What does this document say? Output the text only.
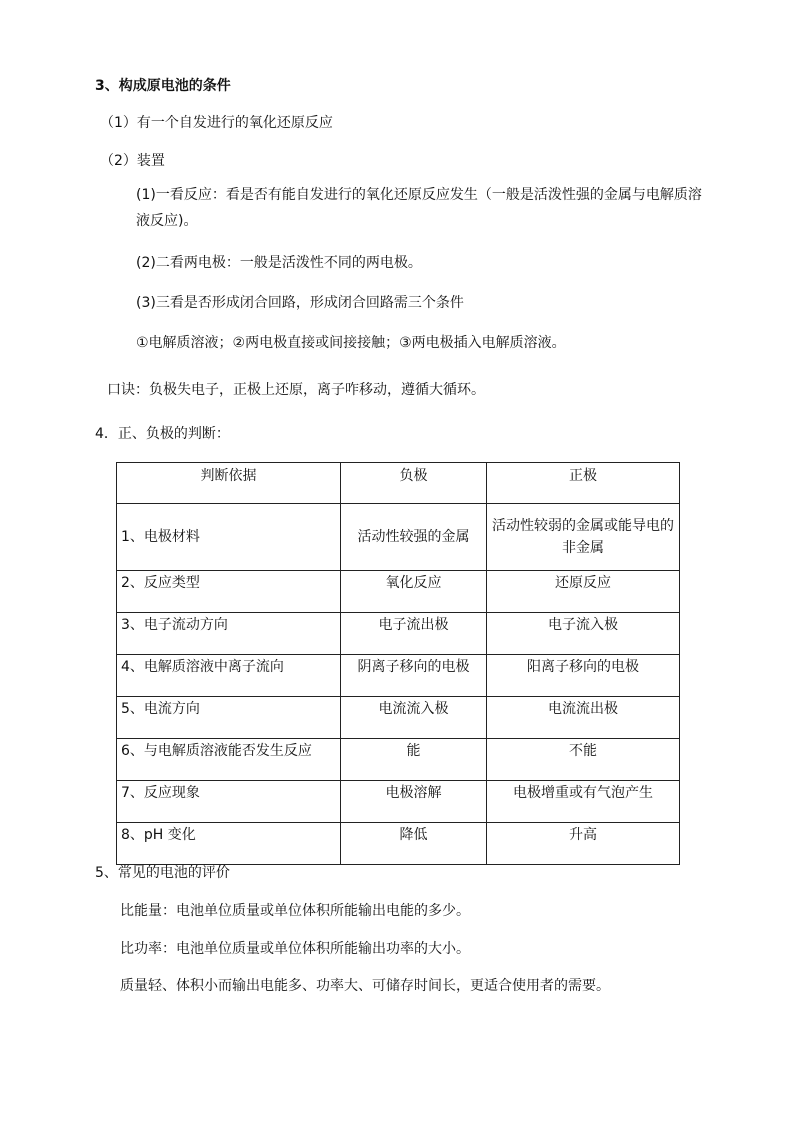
3、构成原电池的条件
（1）有一个自发进行的氧化还原反应
（2）装置
(1)一看反应：看是否有能自发进行的氧化还原反应发生（一般是活泼性强的金属与电解质溶
液反应)。
(2)二看两电极：一般是活泼性不同的两电极。
(3)三看是否形成闭合回路，形成闭合回路需三个条件
①电解质溶液；②两电极直接或间接接触；③两电极插入电解质溶液。
口诀：负极失电子，正极上还原，离子咋移动，遵循大循环。
4．正、负极的判断：
判断依据	负极	正极
1、电极材料	活动性较强的金属	活动性较弱的金属或能导电的非金属
2、反应类型	氧化反应	还原反应
3、电子流动方向	电子流出极	电子流入极
4、电解质溶液中离子流向	阴离子移向的电极	阳离子移向的电极
5、电流方向	电流流入极	电流流出极
6、与电解质溶液能否发生反应	能	不能
7、反应现象	电极溶解	电极增重或有气泡产生
8、pH 变化	降低	升高
5、常见的电池的评价
比能量：电池单位质量或单位体积所能输出电能的多少。
比功率：电池单位质量或单位体积所能输出功率的大小。
质量轻、体积小而输出电能多、功率大、可储存时间长，更适合使用者的需要。
